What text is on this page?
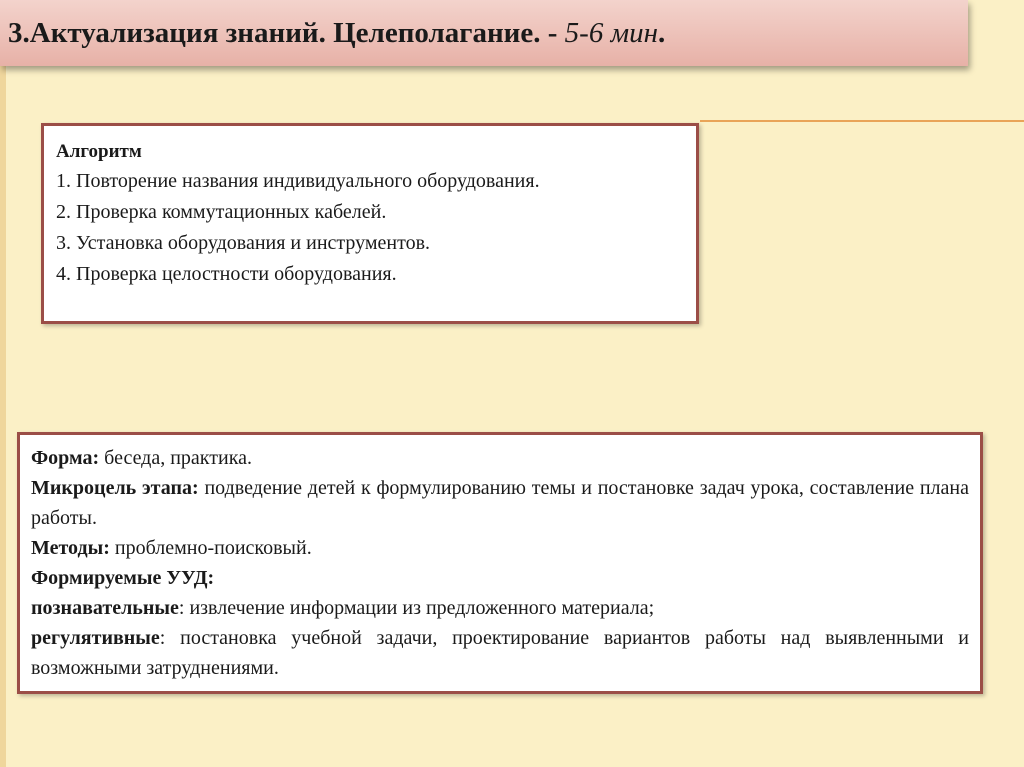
3.Актуализация знаний. Целеполагание. - 5-6 мин.
Алгоритм
1. Повторение названия индивидуального оборудования.
2. Проверка коммутационных кабелей.
3. Установка оборудования и инструментов.
4. Проверка целостности оборудования.
Форма: беседа, практика.
Микроцель этапа: подведение детей к формулированию темы и постановке задач урока, составление плана работы.
Методы: проблемно-поисковый.
Формируемые УУД:
познавательные: извлечение информации из предложенного материала;
регулятивные: постановка учебной задачи, проектирование вариантов работы над выявленными и возможными затруднениями.
